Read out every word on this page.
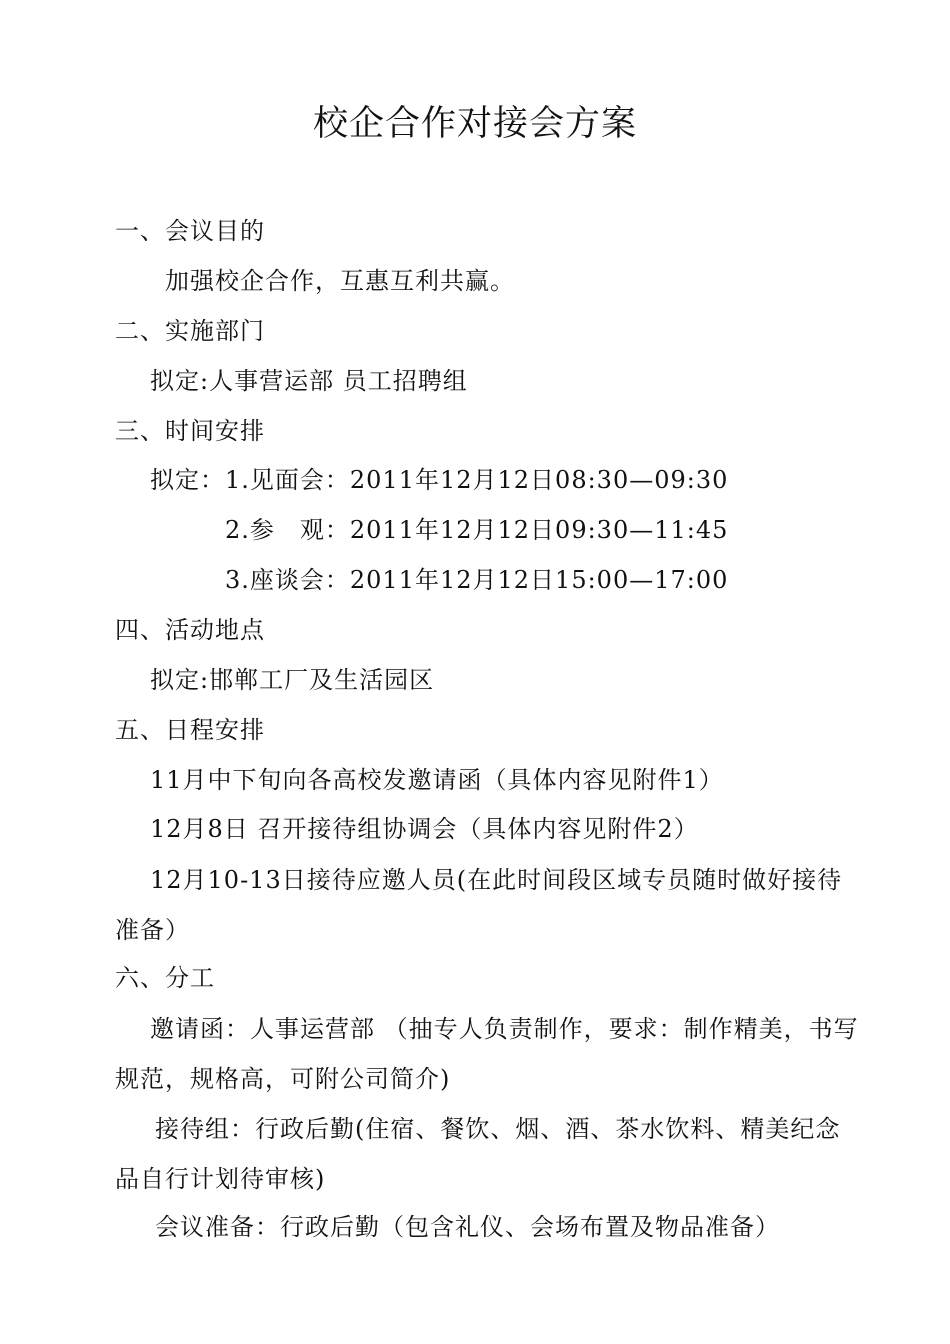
校企合作对接会方案
一、会议目的
加强校企合作，互惠互利共赢。
二、实施部门
拟定:人事营运部 员工招聘组
三、时间安排
拟定：1.见面会：2011年12月12日08:30—09:30
2.参　观：2011年12月12日09:30—11:45
3.座谈会：2011年12月12日15:00—17:00
四、活动地点
拟定:邯郸工厂及生活园区
五、日程安排
11月中下旬向各高校发邀请函（具体内容见附件1）
12月8日 召开接待组协调会（具体内容见附件2）
12月10-13日接待应邀人员(在此时间段区域专员随时做好接待准备）
六、分工
邀请函：人事运营部 （抽专人负责制作，要求：制作精美，书写规范，规格高，可附公司简介)
接待组：行政后勤(住宿、餐饮、烟、酒、茶水饮料、精美纪念品自行计划待审核)
会议准备：行政后勤（包含礼仪、会场布置及物品准备）
